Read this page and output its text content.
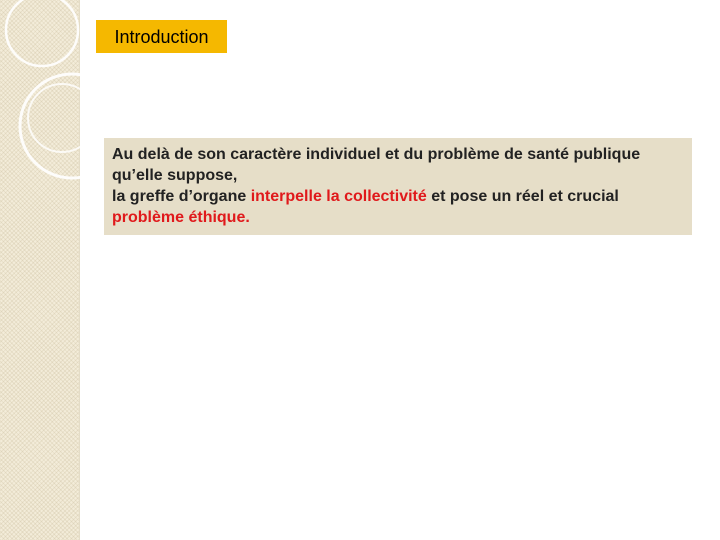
Introduction
Au delà de son caractère individuel et du problème de santé publique qu’elle suppose,
la greffe d’organe interpelle la collectivité et pose un réel et crucial problème éthique.
